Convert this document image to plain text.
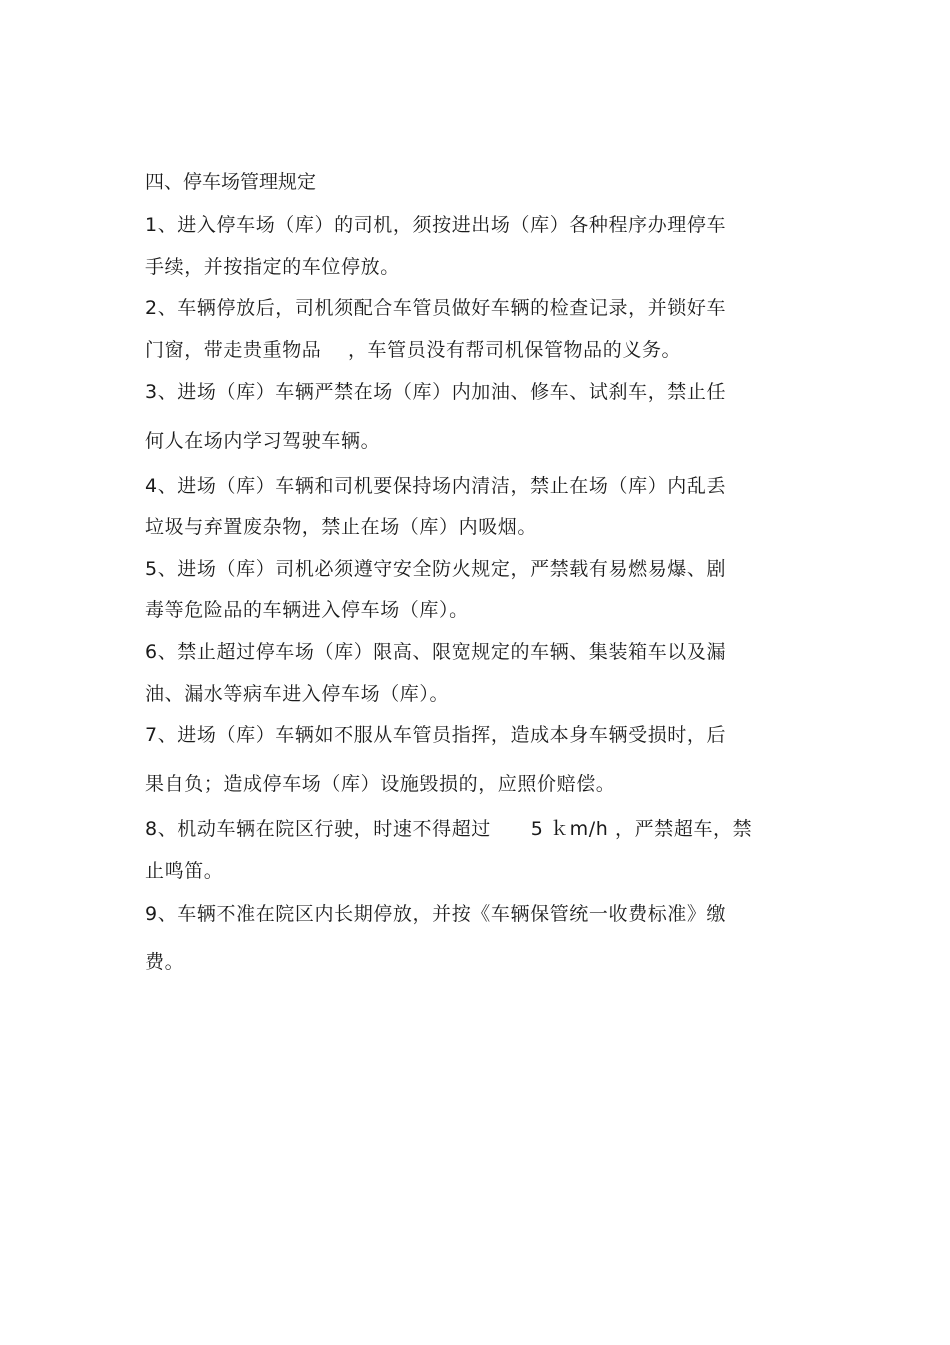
四、停车场管理规定
1、进入停车场（库）的司机，须按进出场（库）各种程序办理停车
手续，并按指定的车位停放。
2、车辆停放后，司机须配合车管员做好车辆的检查记录，并锁好车
门窗，带走贵重物品    ，车管员没有帮司机保管物品的义务。
3、进场（库）车辆严禁在场（库）内加油、修车、试刹车，禁止任
何人在场内学习驾驶车辆。
4、进场（库）车辆和司机要保持场内清洁，禁止在场（库）内乱丢
垃圾与弃置废杂物，禁止在场（库）内吸烟。
5、进场（库）司机必须遵守安全防火规定，严禁载有易燃易爆、剧
毒等危险品的车辆进入停车场（库）。
6、禁止超过停车场（库）限高、限宽规定的车辆、集装箱车以及漏
油、漏水等病车进入停车场（库）。
7、进场（库）车辆如不服从车管员指挥，造成本身车辆受损时，后
果自负；造成停车场（库）设施毁损的，应照价赔偿。
8、机动车辆在院区行驶，时速不得超过      5 ｋm/h ，严禁超车，禁
止鸣笛。
9、车辆不准在院区内长期停放，并按《车辆保管统一收费标准》缴
费。
